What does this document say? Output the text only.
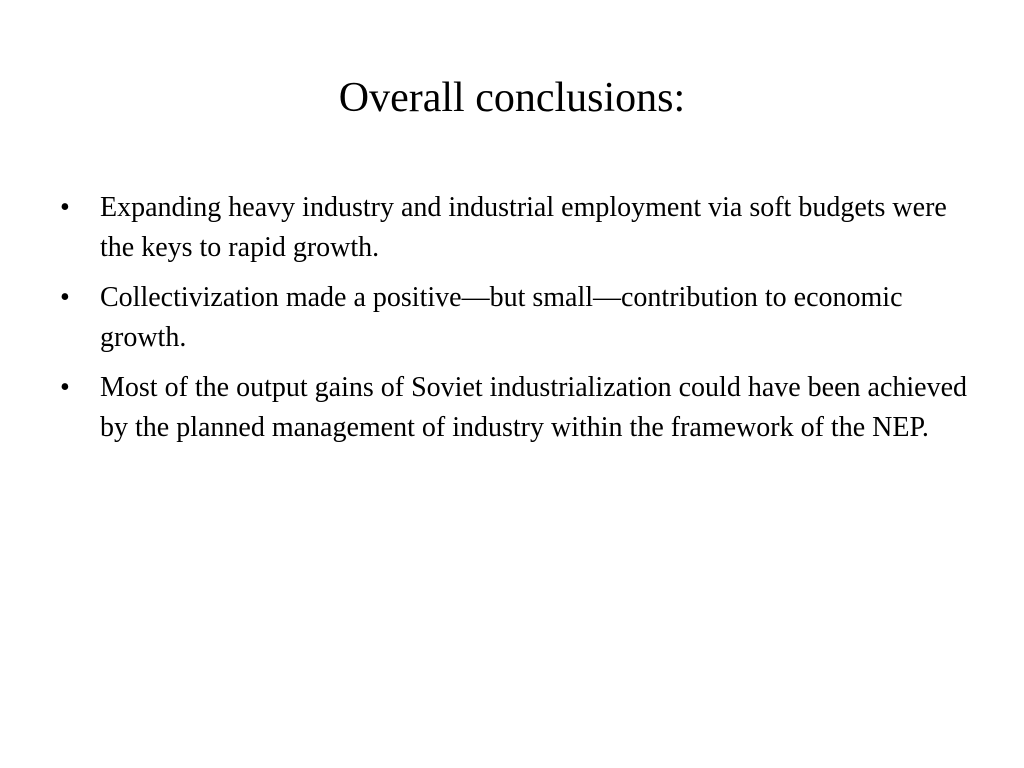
Overall conclusions:
• Expanding heavy industry and industrial employment via soft budgets were the keys to rapid growth.
• Collectivization made a positive—but small—contribution to economic growth.
• Most of the output gains of Soviet industrialization could have been achieved by the planned management of industry within the framework of the NEP.
